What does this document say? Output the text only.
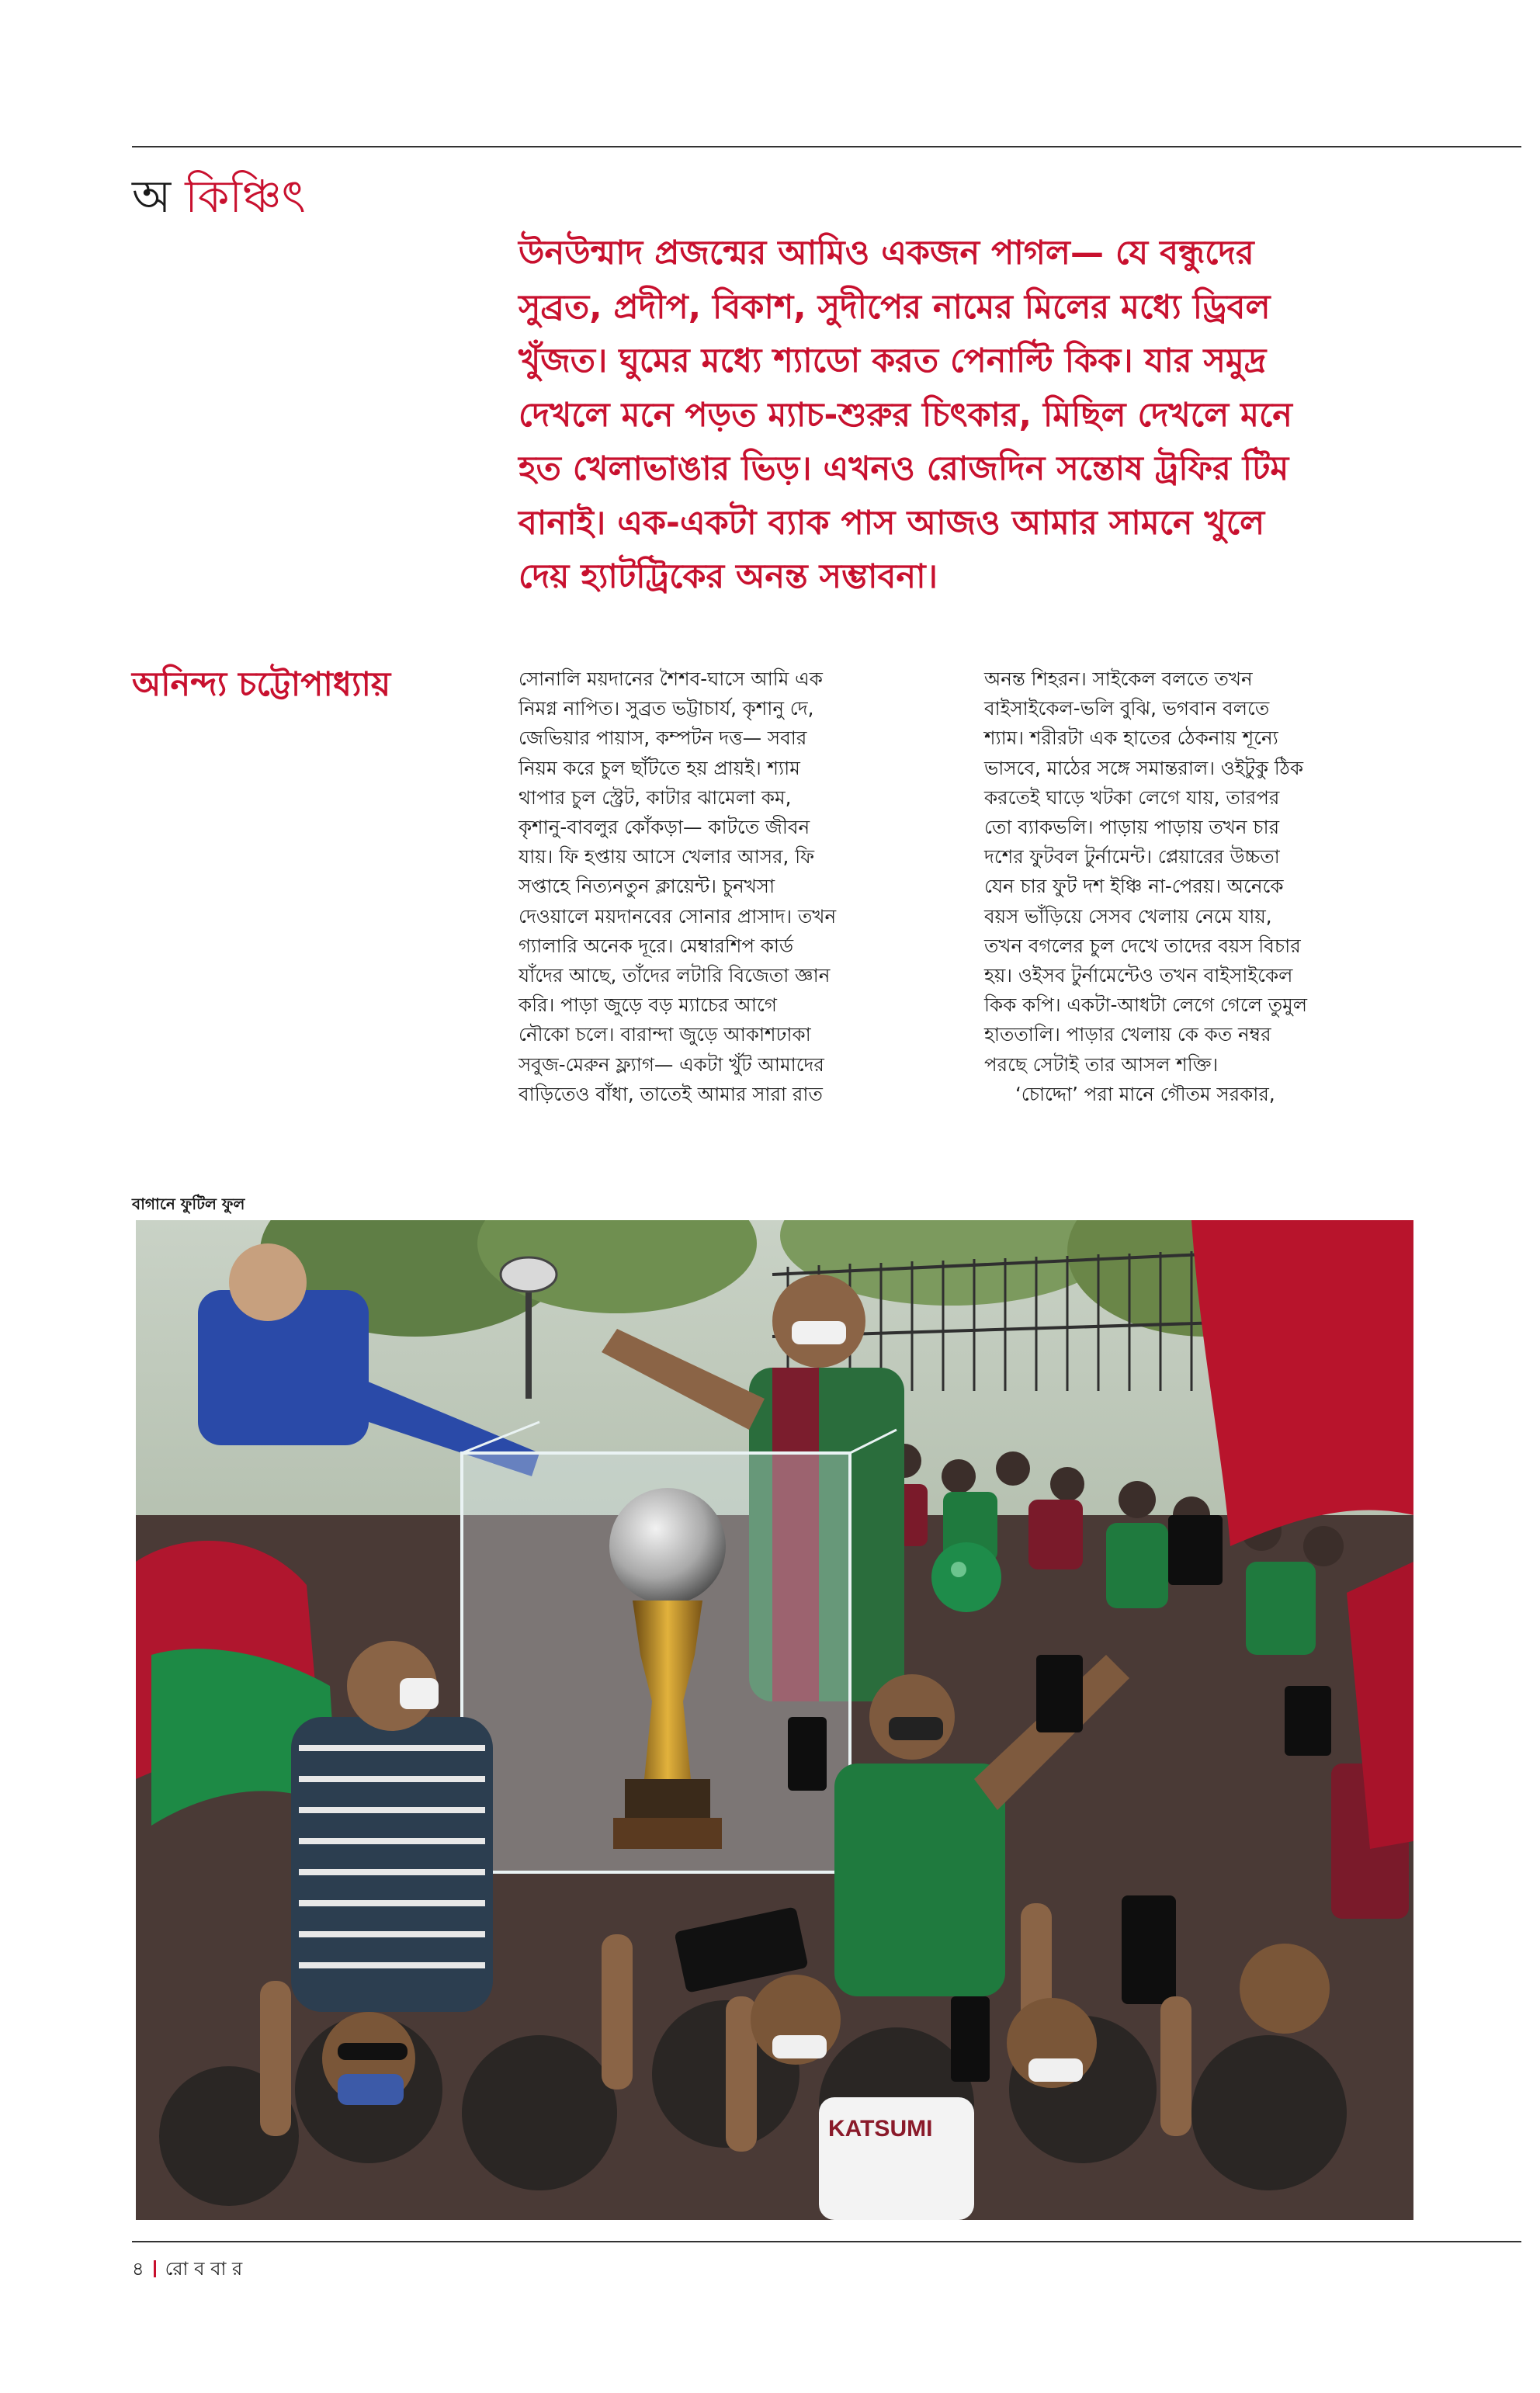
অ কিঞ্চিৎ
উনউন্মাদ প্রজন্মের আমিও একজন পাগল— যে বন্ধুদের
সুব্রত, প্রদীপ, বিকাশ, সুদীপের নামের মিলের মধ্যে ড্রিবল
খুঁজত। ঘুমের মধ্যে শ্যাডো করত পেনাল্টি কিক। যার সমুদ্র
দেখলে মনে পড়ত ম্যাচ-শুরুর চিৎকার, মিছিল দেখলে মনে
হত খেলাভাঙার ভিড়। এখনও রোজদিন সন্তোষ ট্রফির টিম
বানাই। এক-একটা ব্যাক পাস আজও আমার সামনে খুলে
দেয় হ্যাটট্রিকের অনন্ত সম্ভাবনা।
অনিন্দ্য চট্টোপাধ্যায়	সোনালি ময়দানের শৈশব-ঘাসে আমি এক
নিমগ্ন নাপিত। সুব্রত ভট্টাচার্য, কৃশানু দে,
জেভিয়ার পায়াস, কম্পটন দত্ত— সবার
নিয়ম করে চুল ছাঁটতে হয় প্রায়ই। শ্যাম
থাপার চুল স্ট্রেট, কাটার ঝামেলা কম,
কৃশানু-বাবলুর কোঁকড়া— কাটতে জীবন
যায়। ফি হপ্তায় আসে খেলার আসর, ফি
সপ্তাহে নিত্যনতুন ক্লায়েন্ট। চুনখসা
দেওয়ালে ময়দানবের সোনার প্রাসাদ। তখন
গ্যালারি অনেক দূরে। মেম্বারশিপ কার্ড
যাঁদের আছে, তাঁদের লটারি বিজেতা জ্ঞান
করি। পাড়া জুড়ে বড় ম্যাচের আগে
নৌকো চলে। বারান্দা জুড়ে আকাশঢাকা
সবুজ-মেরুন ফ্ল্যাগ— একটা খুঁট আমাদের
বাড়িতেও বাঁধা, তাতেই আমার সারা রাত
অনন্ত শিহরন। সাইকেল বলতে তখন
বাইসাইকেল-ভলি বুঝি, ভগবান বলতে
শ্যাম। শরীরটা এক হাতের ঠেকনায় শূন্যে
ভাসবে, মাঠের সঙ্গে সমান্তরাল। ওইটুকু ঠিক
করতেই ঘাড়ে খটকা লেগে যায়, তারপর
তো ব্যাকভলি। পাড়ায় পাড়ায় তখন চার
দশের ফুটবল টুর্নামেন্ট। প্লেয়ারের উচ্চতা
যেন চার ফুট দশ ইঞ্চি না-পেরয়। অনেকে
বয়স ভাঁড়িয়ে সেসব খেলায় নেমে যায়,
তখন বগলের চুল দেখে তাদের বয়স বিচার
হয়। ওইসব টুর্নামেন্টেও তখন বাইসাইকেল
কিক কপি। একটা-আধটা লেগে গেলে তুমুল
হাততালি। পাড়ার খেলায় কে কত নম্বর
পরছে সেটাই তার আসল শক্তি।
‘চোদ্দো’ পরা মানে গৌতম সরকার,
বাগানে ফুটিল ফুল
KATSUMI
৪ রো ব বা র
